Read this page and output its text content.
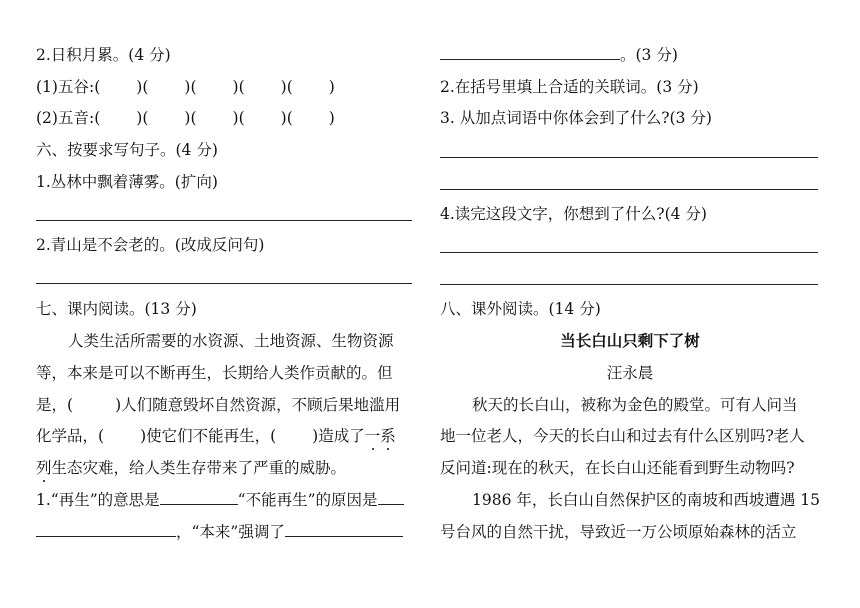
2.日积月累。(4 分)
(1)五谷:( )( )( )( )( )
(2)五音:( )( )( )( )( )
六、按要求写句子。(4 分)
1.丛林中飘着薄雾。(扩向)
2.青山是不会老的。(改成反问句)
七、课内阅读。(13 分)
人类生活所需要的水资源、土地资源、生物资源
等，本来是可以不断再生，长期给人类作贡献的。但
是，(	)人们随意毁坏自然资源，不顾后果地滥用
化学品，( )使它们不能再生，( )造成了一系
列生态灾难，给人类生存带来了严重的威胁。
1.“再生”的意思是	“不能再生”的原因是
，“本来”强调了
。(3 分)
2.在括号里填上合适的关联词。(3 分)
3. 从加点词语中你体会到了什么?(3 分)
4.读完这段文字，你想到了什么?(4 分)
八、课外阅读。(14 分)
当长白山只剩下了树
汪永晨
秋天的长白山，被称为金色的殿堂。可有人问当
地一位老人，今天的长白山和过去有什么区别吗?老人
反问道:现在的秋天，在长白山还能看到野生动物吗?
1986 年，长白山自然保护区的南坡和西坡遭遇 15
号台风的自然干扰，导致近一万公顷原始森林的活立
